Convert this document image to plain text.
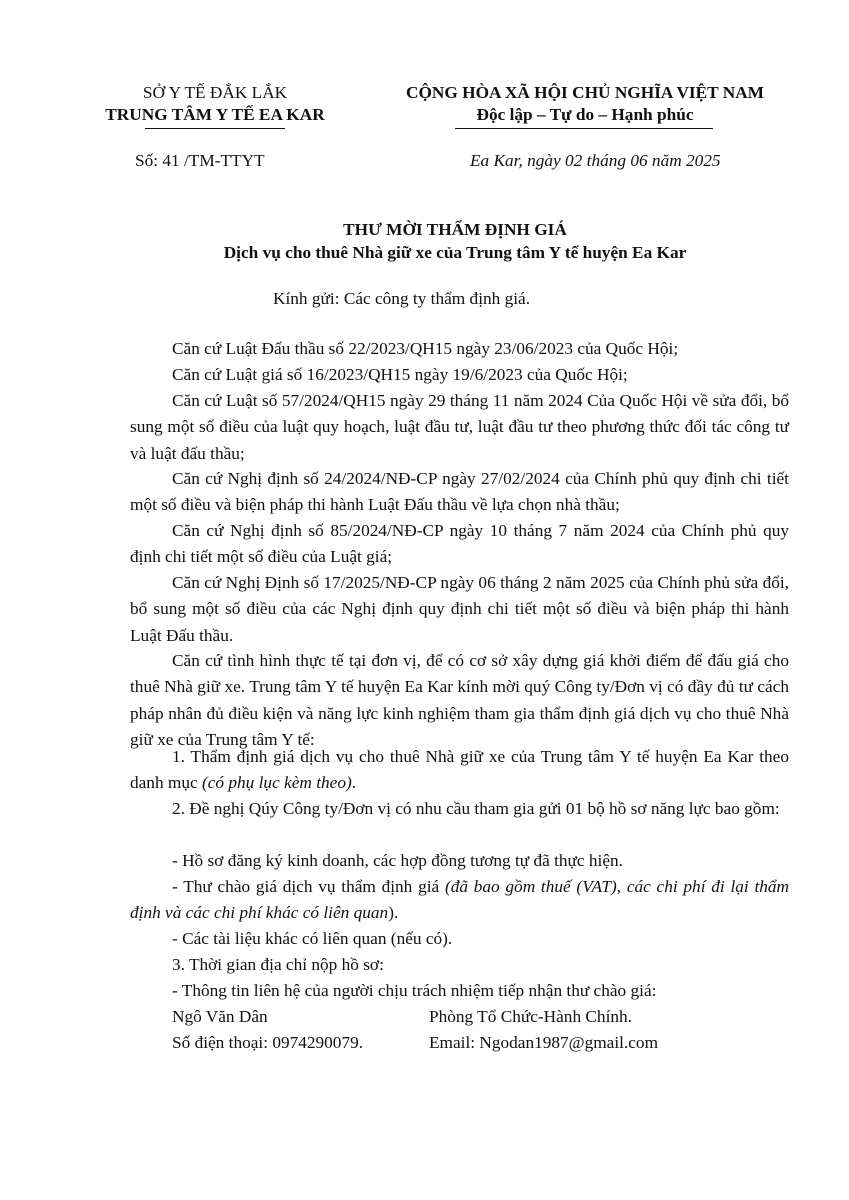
SỞ Y TẾ ĐẮK LẮK
TRUNG TÂM Y TẾ EA KAR
CỘNG HÒA XÃ HỘI CHỦ NGHĨA VIỆT NAM
Độc lập – Tự do – Hạnh phúc
Số: 41 /TM-TTYT	Ea Kar, ngày 02 tháng 06 năm 2025
THƯ MỜI THẨM ĐỊNH GIÁ
Dịch vụ cho thuê Nhà giữ xe của Trung tâm Y tế huyện Ea Kar
Kính gửi: Các công ty thẩm định giá.
Căn cứ Luật Đấu thầu số 22/2023/QH15 ngày 23/06/2023 của Quốc Hội;
Căn cứ Luật giá số 16/2023/QH15 ngày 19/6/2023 của Quốc Hội;
Căn cứ Luật số 57/2024/QH15 ngày 29 tháng 11 năm 2024 Của Quốc Hội về sửa đổi, bổ sung một số điều của luật quy hoạch, luật đầu tư, luật đầu tư theo phương thức đối tác công tư và luật đấu thầu;
Căn cứ Nghị định số 24/2024/NĐ-CP ngày 27/02/2024 của Chính phủ quy định chi tiết một số điều và biện pháp thi hành Luật Đấu thầu về lựa chọn nhà thầu;
Căn cứ Nghị định số 85/2024/NĐ-CP ngày 10 tháng 7 năm 2024 của Chính phủ quy định chi tiết một số điều của Luật giá;
Căn cứ Nghị Định số 17/2025/NĐ-CP ngày 06 tháng 2 năm 2025 của Chính phủ sửa đổi, bổ sung một số điều của các Nghị định quy định chi tiết một số điều và biện pháp thi hành Luật Đấu thầu.
Căn cứ tình hình thực tế tại đơn vị, để có cơ sở xây dựng giá khởi điểm để đấu giá cho thuê Nhà giữ xe. Trung tâm Y tế huyện Ea Kar kính mời quý Công ty/Đơn vị có đầy đủ tư cách pháp nhân đủ điều kiện và năng lực kinh nghiệm tham gia thẩm định giá dịch vụ cho thuê Nhà giữ xe của Trung tâm Y tế:
1. Thẩm định giá dịch vụ cho thuê Nhà giữ xe của Trung tâm Y tế huyện Ea Kar theo danh mục (có phụ lục kèm theo).
2. Đề nghị Qúy Công ty/Đơn vị có nhu cầu tham gia gửi 01 bộ hồ sơ năng lực bao gồm:
- Hồ sơ đăng ký kinh doanh, các hợp đồng tương tự đã thực hiện.
- Thư chào giá dịch vụ thẩm định giá (đã bao gồm thuế (VAT), các chi phí đi lại thẩm định và các chi phí khác có liên quan).
- Các tài liệu khác có liên quan (nếu có).
3. Thời gian địa chỉ nộp hồ sơ:
- Thông tin liên hệ của người chịu trách nhiệm tiếp nhận thư chào giá:
Ngô Văn Dân	Phòng Tổ Chức-Hành Chính.
Số điện thoại: 0974290079.	Email: Ngodan1987@gmail.com
